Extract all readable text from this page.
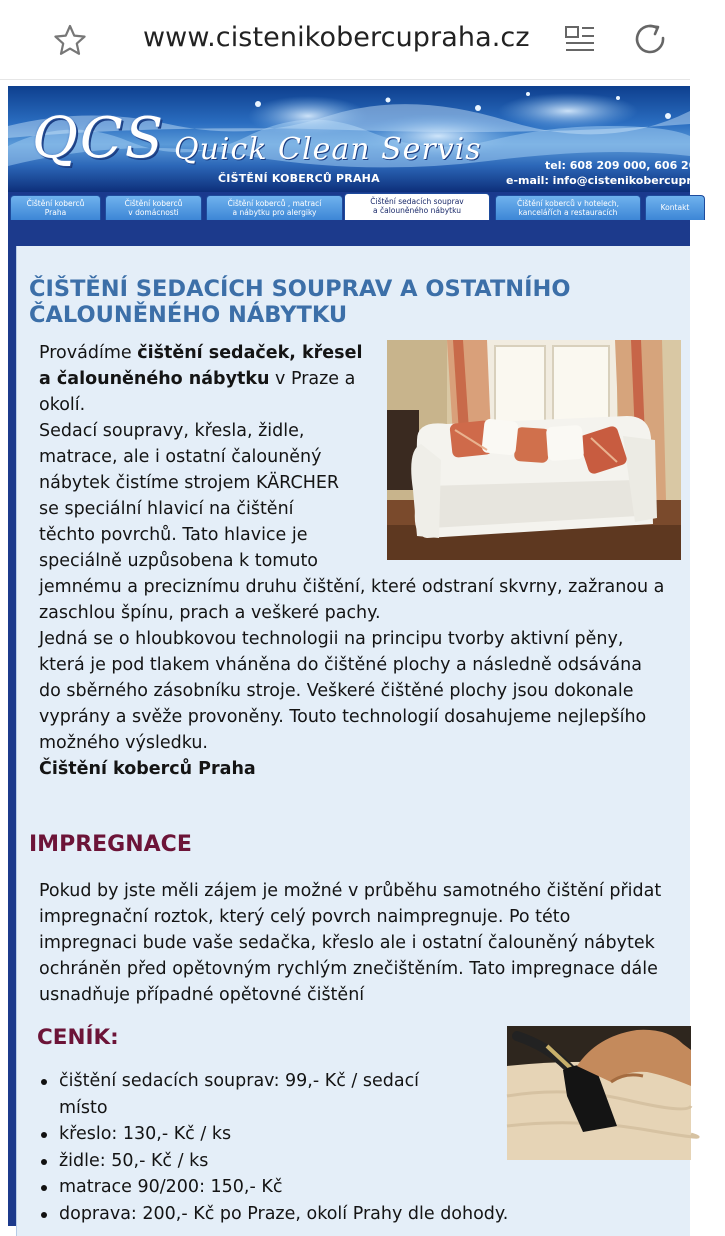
www.cistenikobercupraha.cz
QCS Quick Clean Servis
ČIŠTĚNÍ KOBERCŮ PRAHA
tel: 608 209 000, 606 209 0
e-mail: info@cistenikobercupraha.c
Čištění koberců
Praha
Čištění koberců
v domácnosti
Čištění koberců , matrací
a nábytku pro alergiky
Čištění sedacích souprav
a čalouněného nábytku
Čištění koberců v hotelech,
kancelářích a restauracích
Kontakt
ČIŠTĚNÍ SEDACÍCH SOUPRAV A OSTATNÍHO
ČALOUNĚNÉHO NÁBYTKU
Provádíme čištění sedaček, křesel
a čalouněného nábytku v Praze a
okolí.
Sedací soupravy, křesla, židle,
matrace, ale i ostatní čalouněný
nábytek čistíme strojem KÄRCHER
se speciální hlavicí na čištění
těchto povrchů. Tato hlavice je
speciálně uzpůsobena k tomuto
jemnému a preciznímu druhu čištění, které odstraní skvrny, zažranou a
zaschlou špínu, prach a veškeré pachy.
Jedná se o hloubkovou technologii na principu tvorby aktivní pěny,
která je pod tlakem vháněna do čištěné plochy a následně odsávána
do sběrného zásobníku stroje. Veškeré čištěné plochy jsou dokonale
vyprány a svěže provoněny. Touto technologií dosahujeme nejlepšího
možného výsledku.
Čištění koberců Praha
IMPREGNACE
Pokud by jste měli zájem je možné v průběhu samotného čištění přidat
impregnační roztok, který celý povrch naimpregnuje. Po této
impregnaci bude vaše sedačka, křeslo ale i ostatní čalouněný nábytek
ochráněn před opětovným rychlým znečištěním. Tato impregnace dále
usnadňuje případné opětovné čištění
CENÍK:
čištění sedacích souprav: 99,- Kč / sedací
místo
křeslo: 130,- Kč / ks
židle: 50,- Kč / ks
matrace 90/200: 150,- Kč
doprava: 200,- Kč po Praze, okolí Prahy dle dohody.
